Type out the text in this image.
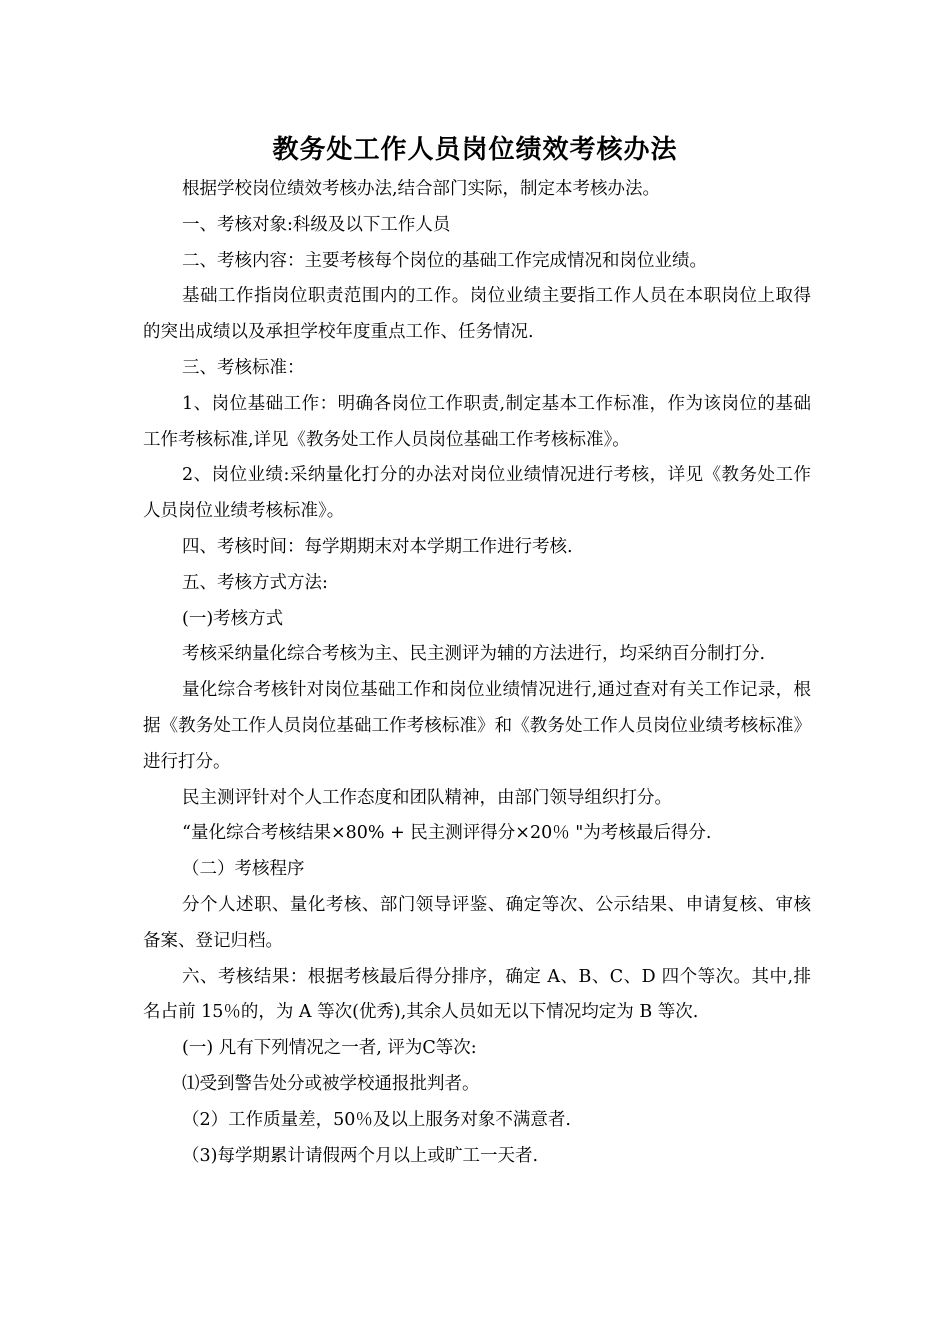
教务处工作人员岗位绩效考核办法

根据学校岗位绩效考核办法,结合部门实际，制定本考核办法。

一、考核对象:科级及以下工作人员

二、考核内容：主要考核每个岗位的基础工作完成情况和岗位业绩。

基础工作指岗位职责范围内的工作。岗位业绩主要指工作人员在本职岗位上取得的突出成绩以及承担学校年度重点工作、任务情况.

三、考核标准：

1、岗位基础工作：明确各岗位工作职责,制定基本工作标准，作为该岗位的基础工作考核标准,详见《教务处工作人员岗位基础工作考核标准》。

2、岗位业绩:采纳量化打分的办法对岗位业绩情况进行考核，详见《教务处工作人员岗位业绩考核标准》。

四、考核时间：每学期期末对本学期工作进行考核.

五、考核方式方法:

(一)考核方式

考核采纳量化综合考核为主、民主测评为辅的方法进行，均采纳百分制打分.

量化综合考核针对岗位基础工作和岗位业绩情况进行,通过查对有关工作记录，根据《教务处工作人员岗位基础工作考核标准》和《教务处工作人员岗位业绩考核标准》进行打分。

民主测评针对个人工作态度和团队精神，由部门领导组织打分。

“量化综合考核结果×80% + 民主测评得分×20％ "为考核最后得分.

（二）考核程序

分个人述职、量化考核、部门领导评鉴、确定等次、公示结果、申请复核、审核备案、登记归档。

六、考核结果：根据考核最后得分排序，确定 A、B、C、D 四个等次。其中,排名占前 15％的，为 A 等次(优秀),其余人员如无以下情况均定为 B 等次.

(一) 凡有下列情况之一者, 评为C等次:

⑴受到警告处分或被学校通报批判者。

（2）工作质量差，50％及以上服务对象不满意者.

（3)每学期累计请假两个月以上或旷工一天者.
